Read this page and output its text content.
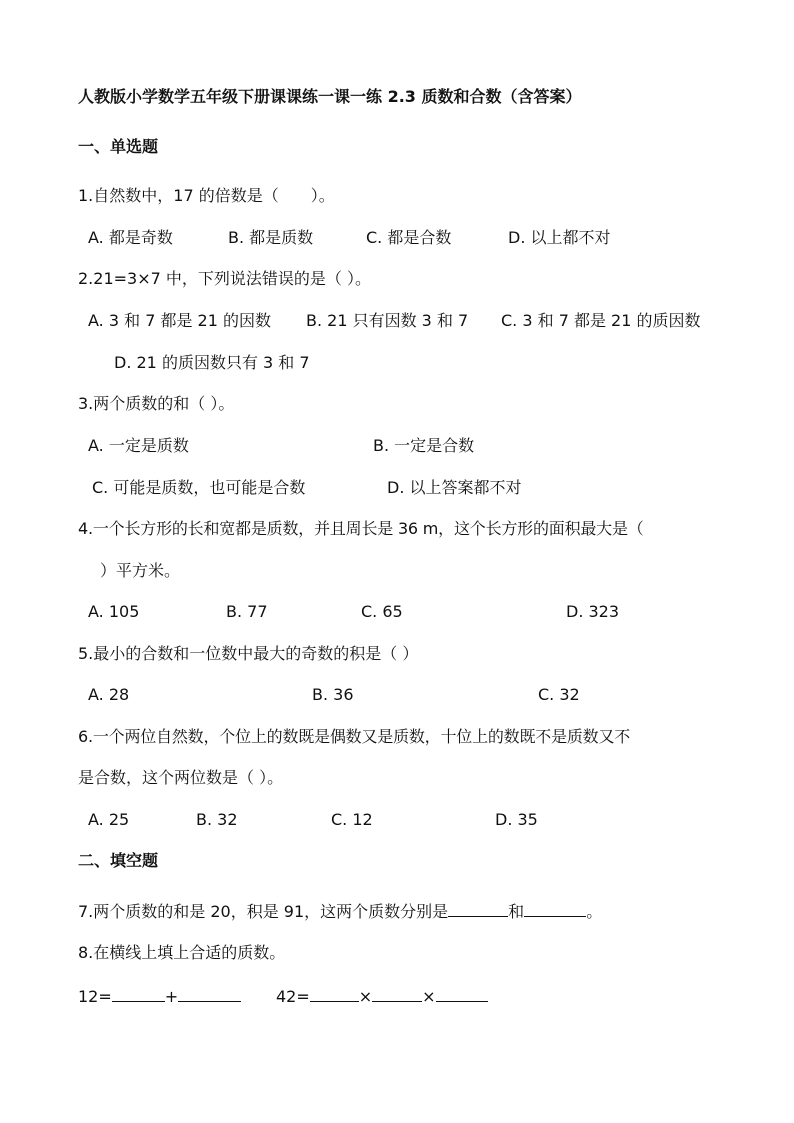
人教版小学数学五年级下册课课练一课一练 2.3 质数和合数（含答案）
一、单选题
1.自然数中，17 的倍数是（　　）。
A. 都是奇数	B. 都是质数	C. 都是合数	D. 以上都不对
2.21=3×7 中，下列说法错误的是（ ）。
A. 3 和 7 都是 21 的因数 B. 21 只有因数 3 和 7 C. 3 和 7 都是 21 的质因数
D. 21 的质因数只有 3 和 7
3.两个质数的和（ ）。
A. 一定是质数	B. 一定是合数
C. 可能是质数，也可能是合数	D. 以上答案都不对
4.一个长方形的长和宽都是质数，并且周长是 36 m，这个长方形的面积最大是（
）平方米。
A. 105	B. 77	C. 65	D. 323
5.最小的合数和一位数中最大的奇数的积是（ ）
A. 28	B. 36	C. 32
6.一个两位自然数，个位上的数既是偶数又是质数，十位上的数既不是质数又不
是合数，这个两位数是（ ）。
A. 25	B. 32	C. 12	D. 35
二、填空题
7.两个质数的和是 20，积是 91，这两个质数分别是	和	。
8.在横线上填上合适的质数。
12=	+	42=	×	×
